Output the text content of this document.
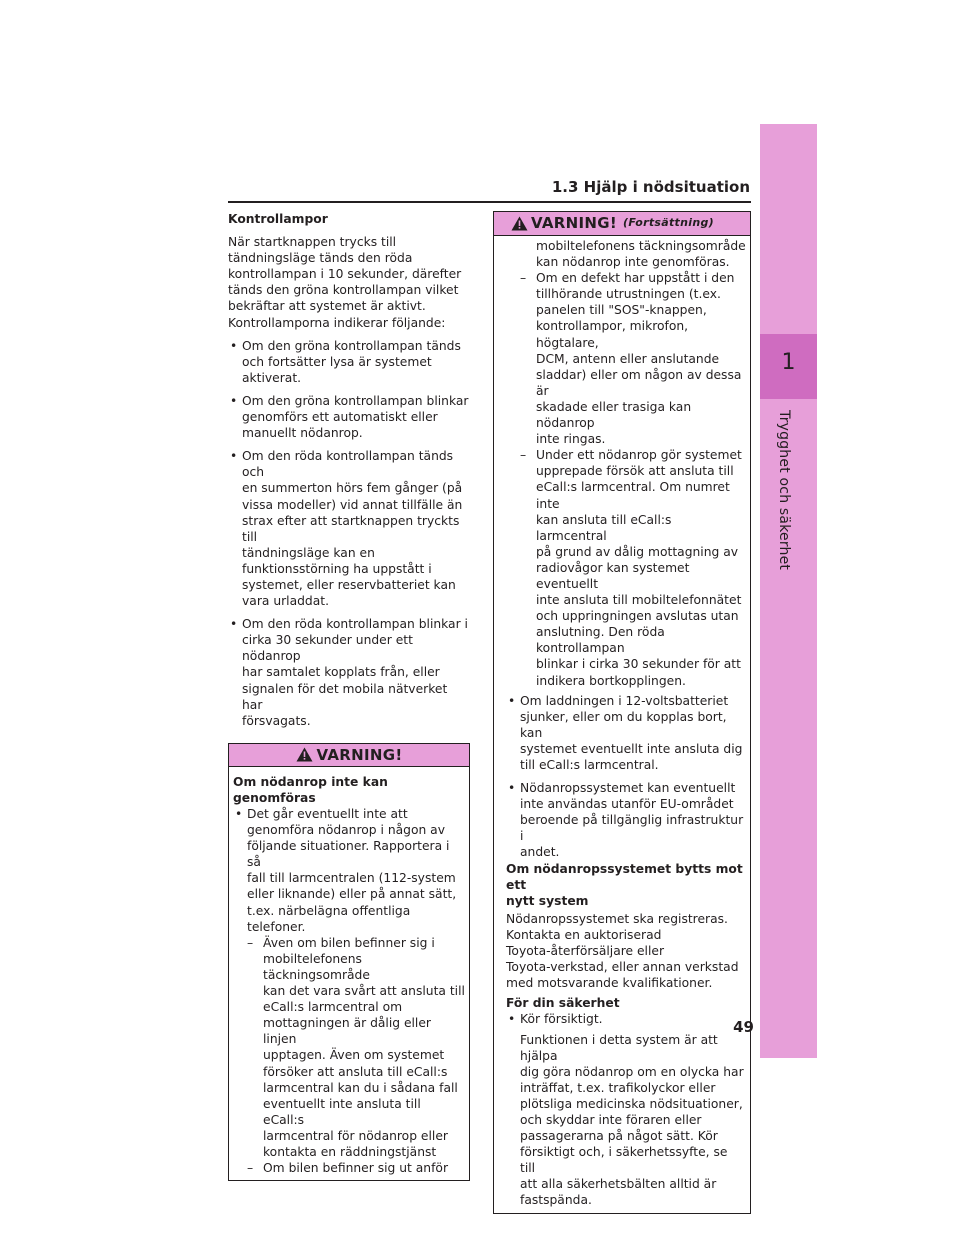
1
Trygghet och säkerhet
1.3 Hjälp i nödsituation

Kontrollampor

När startknappen trycks till
tändningsläge tänds den röda
kontrollampan i 10 sekunder, därefter
tänds den gröna kontrollampan vilket
bekräftar att systemet är aktivt.
Kontrollamporna indikerar följande:

• Om den gröna kontrollampan tänds
och fortsätter lysa är systemet
aktiverat.

• Om den gröna kontrollampan blinkar
genomförs ett automatiskt eller
manuellt nödanrop.

• Om den röda kontrollampan tänds och
en summerton hörs fem gånger (på
vissa modeller) vid annat tillfälle än
strax efter att startknappen tryckts till
tändningsläge kan en
funktionsstörning ha uppstått i
systemet, eller reservbatteriet kan
vara urladdat.

• Om den röda kontrollampan blinkar i
cirka 30 sekunder under ett nödanrop
har samtalet kopplats från, eller
signalen för det mobila nätverket har
försvagats.

VARNING!

Om nödanrop inte kan genomföras

• Det går eventuellt inte att
genomföra nödanrop i någon av
följande situationer. Rapportera i så
fall till larmcentralen (112-system
eller liknande) eller på annat sätt,
t.ex. närbelägna offentliga telefoner.

– Även om bilen befinner sig i
mobiltelefonens täckningsområde
kan det vara svårt att ansluta till
eCall:s larmcentral om
mottagningen är dålig eller linjen
upptagen. Även om systemet
försöker att ansluta till eCall:s
larmcentral kan du i sådana fall
eventuellt inte ansluta till eCall:s
larmcentral för nödanrop eller
kontakta en räddningstjänst

– Om bilen befinner sig ut anför

VARNING! (Fortsättning)

mobiltelefonens täckningsområde
kan nödanrop inte genomföras.

– Om en defekt har uppstått i den
tillhörande utrustningen (t.ex.
panelen till "SOS"-knappen,
kontrollampor, mikrofon, högtalare,
DCM, antenn eller anslutande
sladdar) eller om någon av dessa är
skadade eller trasiga kan nödanrop
inte ringas.

– Under ett nödanrop gör systemet
upprepade försök att ansluta till
eCall:s larmcentral. Om numret inte
kan ansluta till eCall:s larmcentral
på grund av dålig mottagning av
radiovågor kan systemet eventuellt
inte ansluta till mobiltelefonnätet
och uppringningen avslutas utan
anslutning. Den röda kontrollampan
blinkar i cirka 30 sekunder för att
indikera bortkopplingen.

• Om laddningen i 12-voltsbatteriet
sjunker, eller om du kopplas bort, kan
systemet eventuellt inte ansluta dig
till eCall:s larmcentral.

• Nödanropssystemet kan eventuellt
inte användas utanför EU-området
beroende på tillgänglig infrastruktur i
andet.

Om nödanropssystemet bytts mot ett
nytt system

Nödanropssystemet ska registreras.
Kontakta en auktoriserad
Toyota-återförsäljare eller
Toyota-verkstad, eller annan verkstad
med motsvarande kvalifikationer.

För din säkerhet

• Kör försiktigt.

Funktionen i detta system är att hjälpa
dig göra nödanrop om en olycka har
inträffat, t.ex. trafikolyckor eller
plötsliga medicinska nödsituationer,
och skyddar inte föraren eller
passagerarna på något sätt. Kör
försiktigt och, i säkerhetssyfte, se till
att alla säkerhetsbälten alltid är
fastspända.

49
